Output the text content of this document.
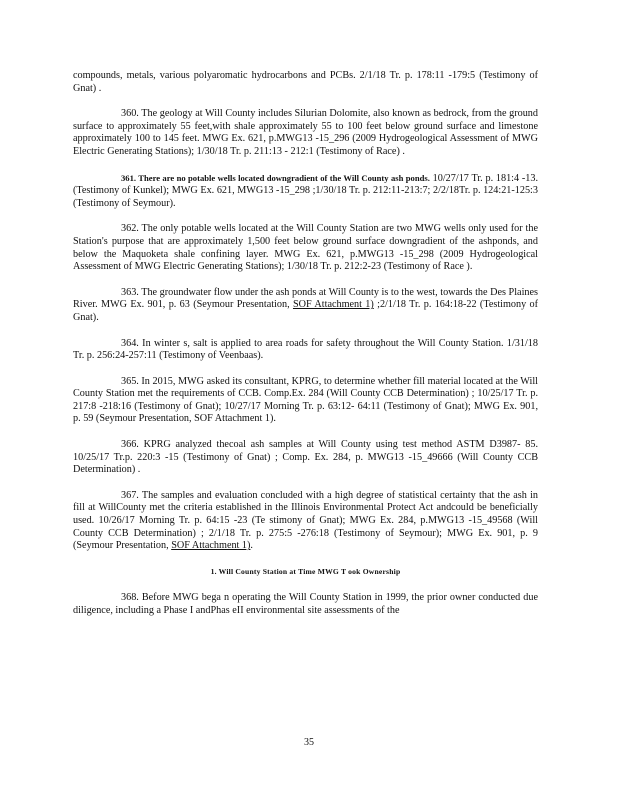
compounds, metals, various polyaromatic hydrocarbons and PCBs. 2/1/18 Tr. p. 178:11 -179:5 (Testimony of Gnat) .

360. The geology at Will County includes Silurian Dolomite, also known as bedrock, from the ground surface to approximately 55 feet,with shale approximately 55 to 100 feet below ground surface and limestone approximately 100 to 145 feet. MWG Ex. 621, p.MWG13 -15_296 (2009 Hydrogeological Assessment of MWG Electric Generating Stations); 1/30/18 Tr. p. 211:13 - 212:1 (Testimony of Race) .

361. There are no potable wells located downgradient of the Will County ash ponds. 10/27/17 Tr. p. 181:4 -13. (Testimony of Kunkel); MWG Ex. 621, MWG13 -15_298 ;1/30/18 Tr. p. 212:11-213:7; 2/2/18Tr. p. 124:21-125:3 (Testimony of Seymour).

362. The only potable wells located at the Will County Station are two MWG wells only used for the Station's purpose that are approximately 1,500 feet below ground surface downgradient of the ashponds, and below the Maquoketa shale confining layer. MWG Ex. 621, p.MWG13 -15_298 (2009 Hydrogeological Assessment of MWG Electric Generating Stations); 1/30/18 Tr. p. 212:2-23 (Testimony of Race ).

363. The groundwater flow under the ash ponds at Will County is to the west, towards the Des Plaines River. MWG Ex. 901, p. 63 (Seymour Presentation, SOF Attachment 1) ;2/1/18 Tr. p. 164:18-22 (Testimony of Gnat).

364. In winter s, salt is applied to area roads for safety throughout the Will County Station. 1/31/18 Tr. p. 256:24-257:11 (Testimony of Veenbaas).

365. In 2015, MWG asked its consultant, KPRG, to determine whether fill material located at the Will County Station met the requirements of CCB. Comp.Ex. 284 (Will County CCB Determination) ; 10/25/17 Tr. p. 217:8 -218:16 (Testimony of Gnat); 10/27/17 Morning Tr. p. 63:12- 64:11 (Testimony of Gnat); MWG Ex. 901, p. 59 (Seymour Presentation, SOF Attachment 1).

366. KPRG analyzed thecoal ash samples at Will County using test method ASTM D3987- 85. 10/25/17 Tr.p. 220:3 -15 (Testimony of Gnat) ; Comp. Ex. 284, p. MWG13 -15_49666 (Will County CCB Determination) .

367. The samples and evaluation concluded with a high degree of statistical certainty that the ash in fill at WillCounty met the criteria established in the Illinois Environmental Protect Act andcould be beneficially used. 10/26/17 Morning Tr. p. 64:15 -23 (Te stimony of Gnat); MWG Ex. 284, p.MWG13 -15_49568 (Will County CCB Determination) ; 2/1/18 Tr. p. 275:5 -276:18 (Testimony of Seymour); MWG Ex. 901, p. 9 (Seymour Presentation, SOF Attachment 1).

1. Will County Station at Time MWG T ook Ownership

368. Before MWG bega n operating the Will County Station in 1999, the prior owner conducted due diligence, including a Phase I andPhas eII environmental site assessments of the

35
